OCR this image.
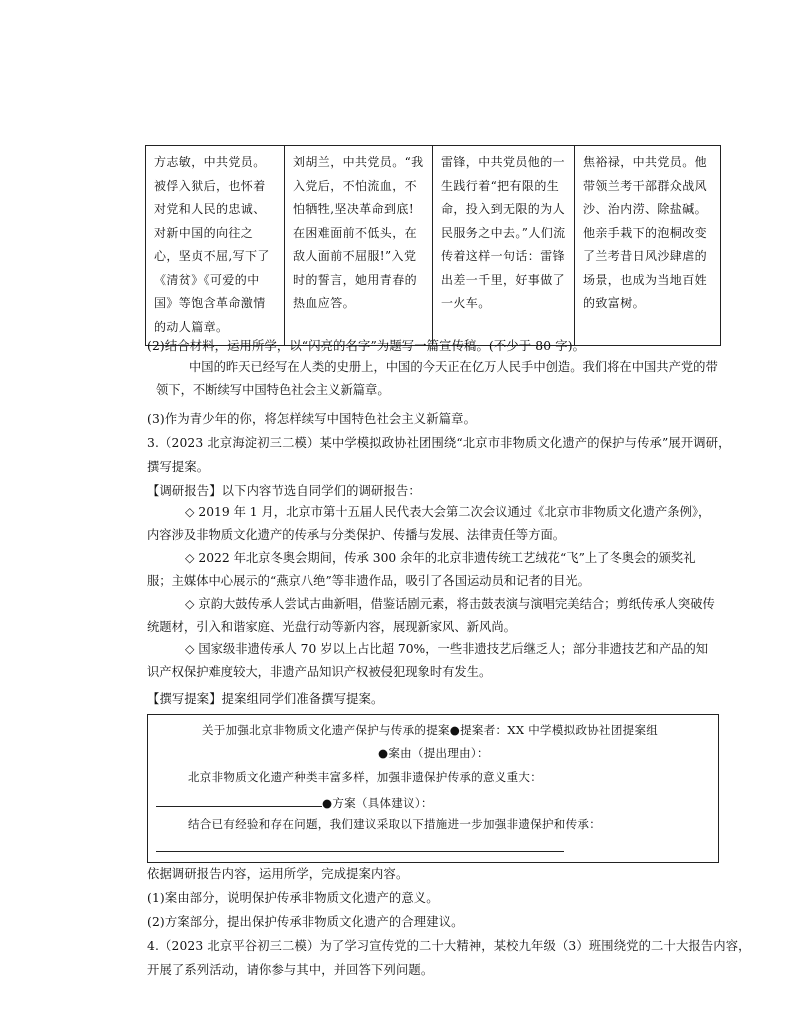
方志敏，中共党员。被俘入狱后，也怀着对党和人民的忠诚、对新中国的向往之心，坚贞不屈,写下了《清贫》《可爱的中国》等饱含革命激情的动人篇章。	刘胡兰，中共党员。“我入党后，不怕流血，不怕牺牲,坚决革命到底!在困难面前不低头，在敌人面前不屈服!”入党时的誓言，她用青春的热血应答。	雷锋，中共党员他的一生践行着“把有限的生命，投入到无限的为人民服务之中去。”人们流传着这样一句话：雷锋出差一千里，好事做了一火车。	焦裕禄，中共党员。他带领兰考干部群众战风沙、治内涝、除盐碱。他亲手栽下的泡桐改变了兰考昔日风沙肆虐的场景，也成为当地百姓的致富树。
(2)结合材料，运用所学，以“闪亮的名字”为题写一篇宣传稿。(不少于 80 字)。
中国的昨天已经写在人类的史册上，中国的今天正在亿万人民手中创造。我们将在中国共产党的带领下，不断续写中国特色社会主义新篇章。
(3)作为青少年的你，将怎样续写中国特色社会主义新篇章。
3.（2023 北京海淀初三二模）某中学模拟政协社团围绕“北京市非物质文化遗产的保护与传承”展开调研，
撰写提案。
【调研报告】以下内容节选自同学们的调研报告：
◇ 2019 年 1 月，北京市第十五届人民代表大会第二次会议通过《北京市非物质文化遗产条例》，内容涉及非物质文化遗产的传承与分类保护、传播与发展、法律责任等方面。
◇ 2022 年北京冬奥会期间，传承 300 余年的北京非遗传统工艺绒花“飞”上了冬奥会的颁奖礼服；主媒体中心展示的“燕京八绝”等非遗作品，吸引了各国运动员和记者的目光。
◇ 京韵大鼓传承人尝试古曲新唱，借鉴话剧元素，将击鼓表演与演唱完美结合；剪纸传承人突破传统题材，引入和谐家庭、光盘行动等新内容，展现新家风、新风尚。
◇ 国家级非遗传承人 70 岁以上占比超 70%，一些非遗技艺后继乏人；部分非遗技艺和产品的知识产权保护难度较大，非遗产品知识产权被侵犯现象时有发生。
【撰写提案】提案组同学们准备撰写提案。
关于加强北京非物质文化遗产保护与传承的提案●提案者：XX 中学模拟政协社团提案组
●案由（提出理由）：
北京非物质文化遗产种类丰富多样，加强非遗保护传承的意义重大：
●方案（具体建议）：
结合已有经验和存在问题，我们建议采取以下措施进一步加强非遗保护和传承：
依据调研报告内容，运用所学，完成提案内容。
(1)案由部分，说明保护传承非物质文化遗产的意义。
(2)方案部分，提出保护传承非物质文化遗产的合理建议。
4.（2023 北京平谷初三二模）为了学习宣传党的二十大精神，某校九年级（3）班围绕党的二十大报告内容，
开展了系列活动，请你参与其中，并回答下列问题。
